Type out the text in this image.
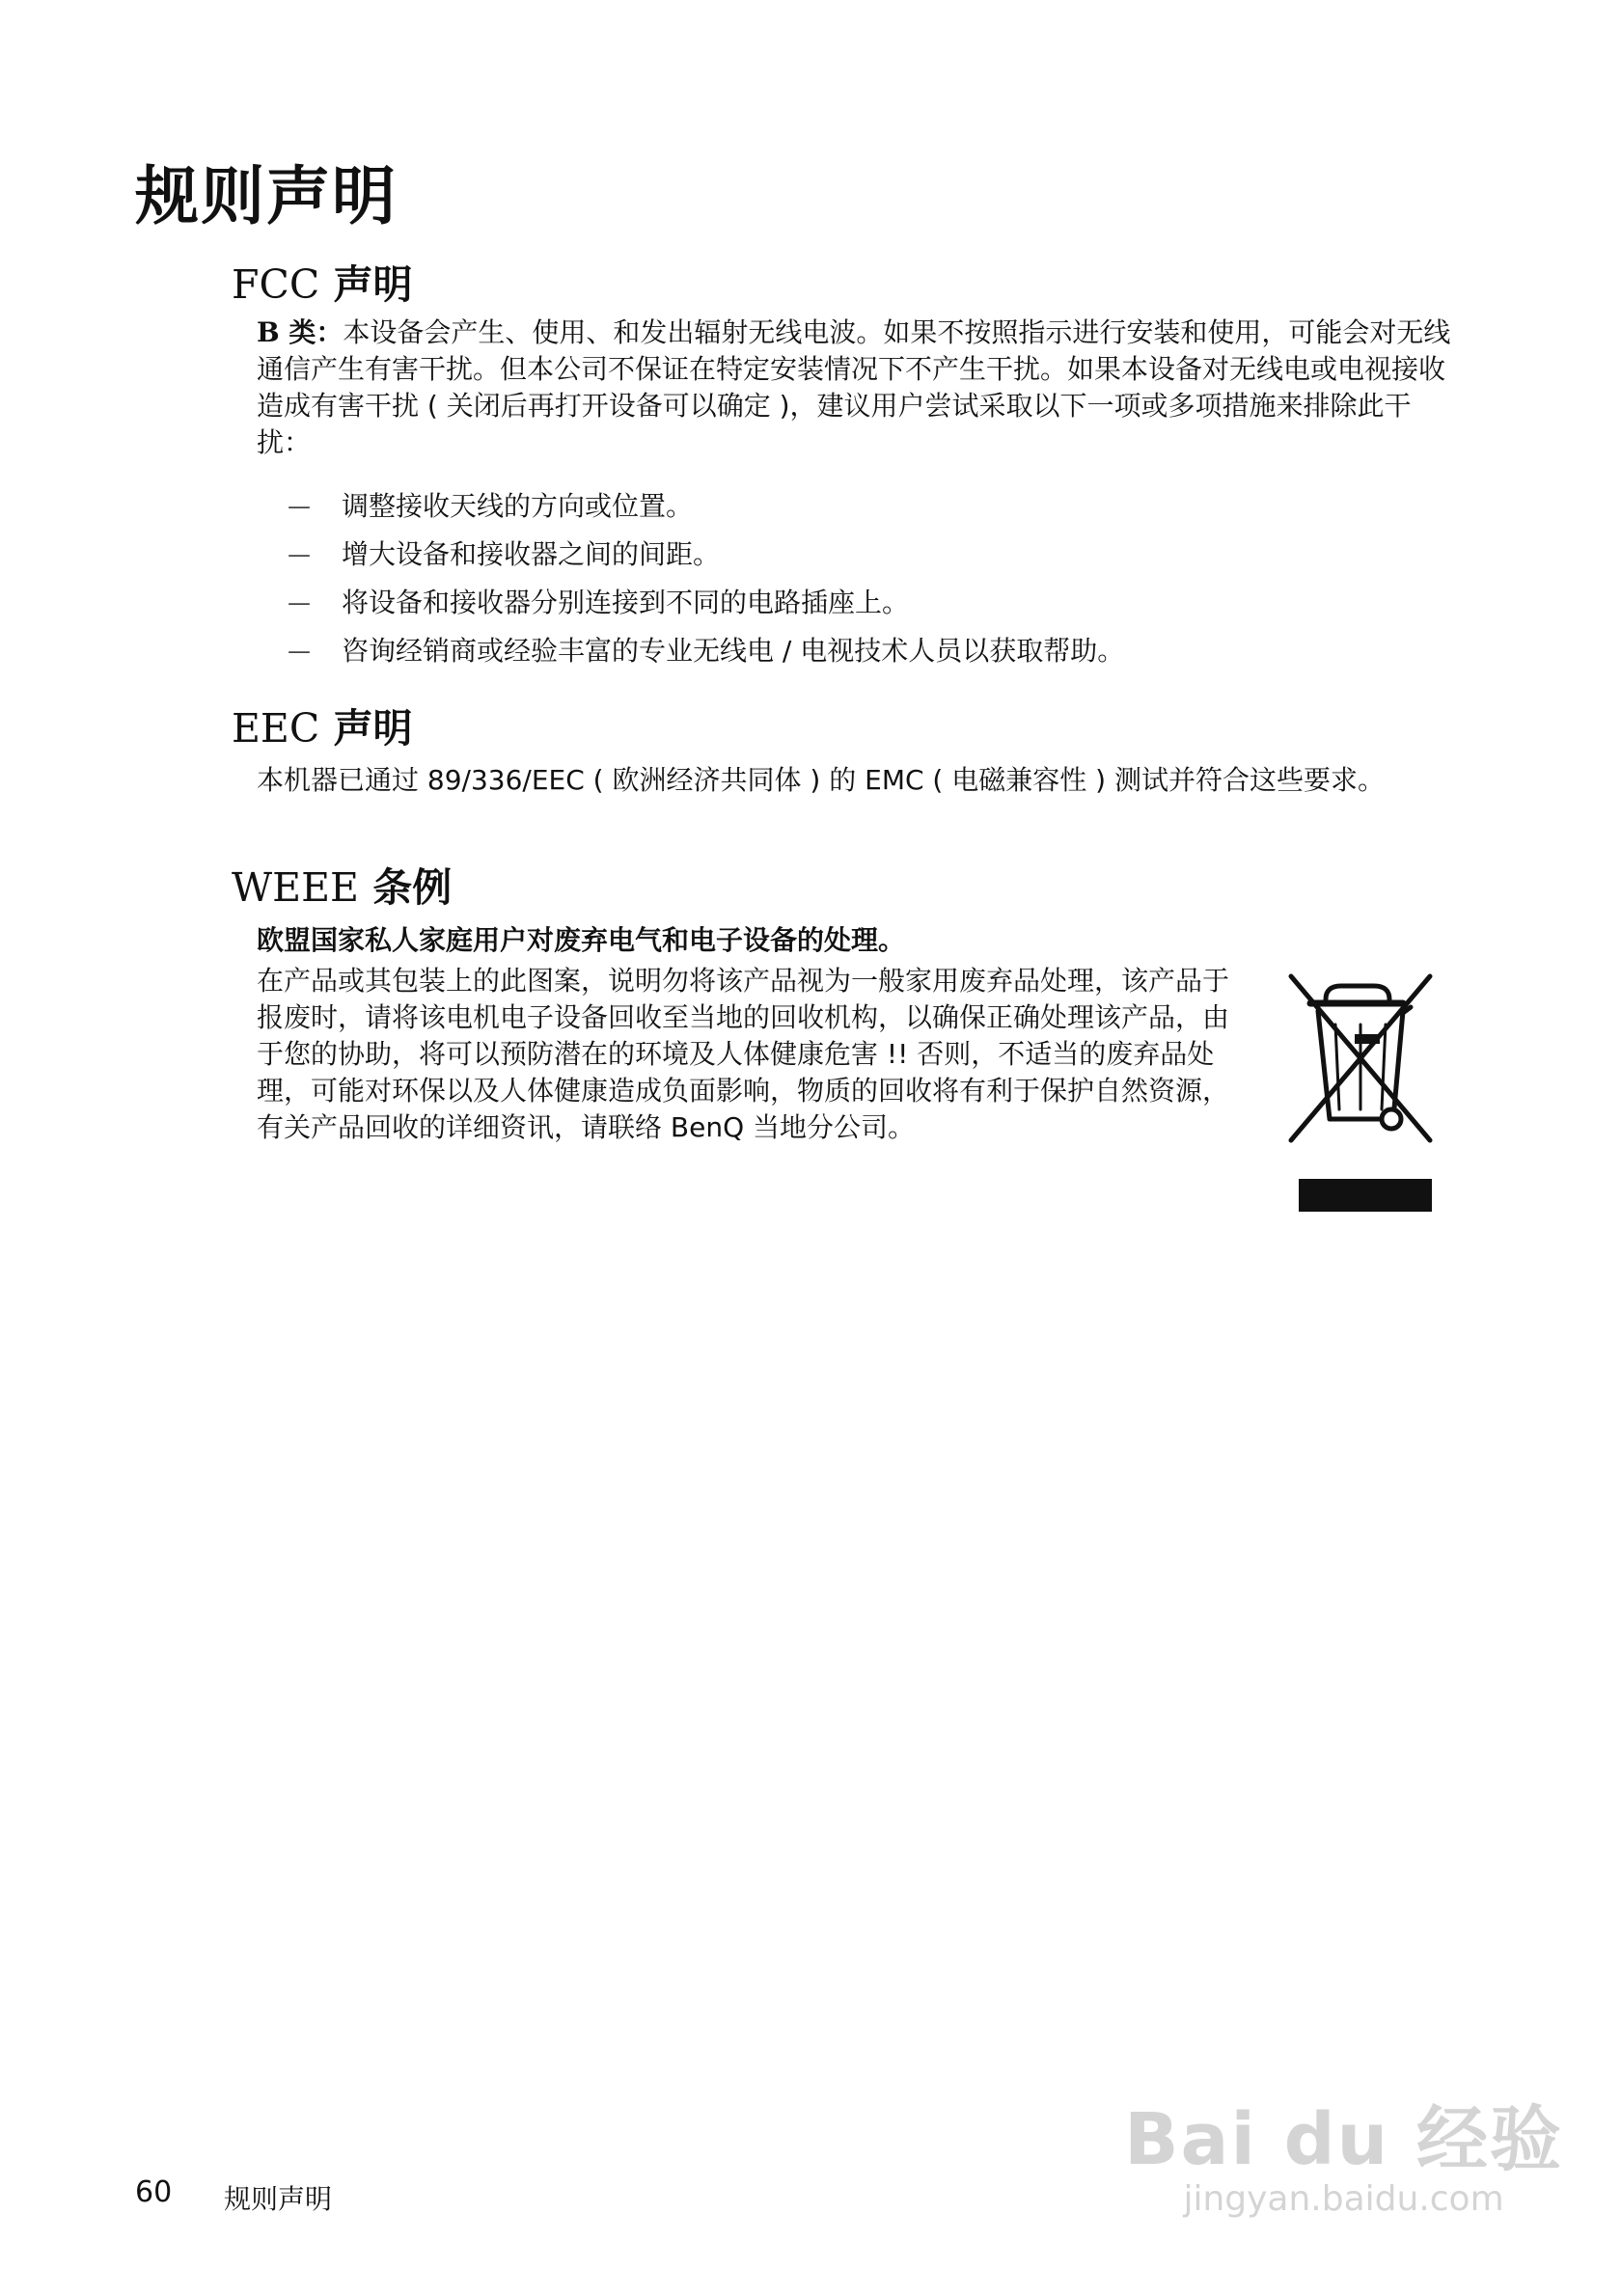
规则声明
FCC 声明

B 类：本设备会产生、使用、和发出辐射无线电波。如果不按照指示进行安装和使用，可能会对无线通信产生有害干扰。但本公司不保证在特定安装情况下不产生干扰。如果本设备对无线电或电视接收造成有害干扰 ( 关闭后再打开设备可以确定 )，建议用户尝试采取以下一项或多项措施来排除此干扰：

— 调整接收天线的方向或位置。
— 增大设备和接收器之间的间距。
— 将设备和接收器分别连接到不同的电路插座上。
— 咨询经销商或经验丰富的专业无线电 / 电视技术人员以获取帮助。
EEC 声明

本机器已通过 89/336/EEC ( 欧洲经济共同体 ) 的 EMC ( 电磁兼容性 ) 测试并符合这些要求。

WEEE 条例

欧盟国家私人家庭用户对废弃电气和电子设备的处理。

在产品或其包装上的此图案，说明勿将该产品视为一般家用废弃品处理，该产品于报废时，请将该电机电子设备回收至当地的回收机构，以确保正确处理该产品，由于您的协助，将可以预防潜在的环境及人体健康危害 !! 否则，不适当的废弃品处理，可能对环保以及人体健康造成负面影响，物质的回收将有利于保护自然资源，有关产品回收的详细资讯，请联络 BenQ 当地分公司。

60 规则声明
Bai du 经验
jingyan.baidu.com
